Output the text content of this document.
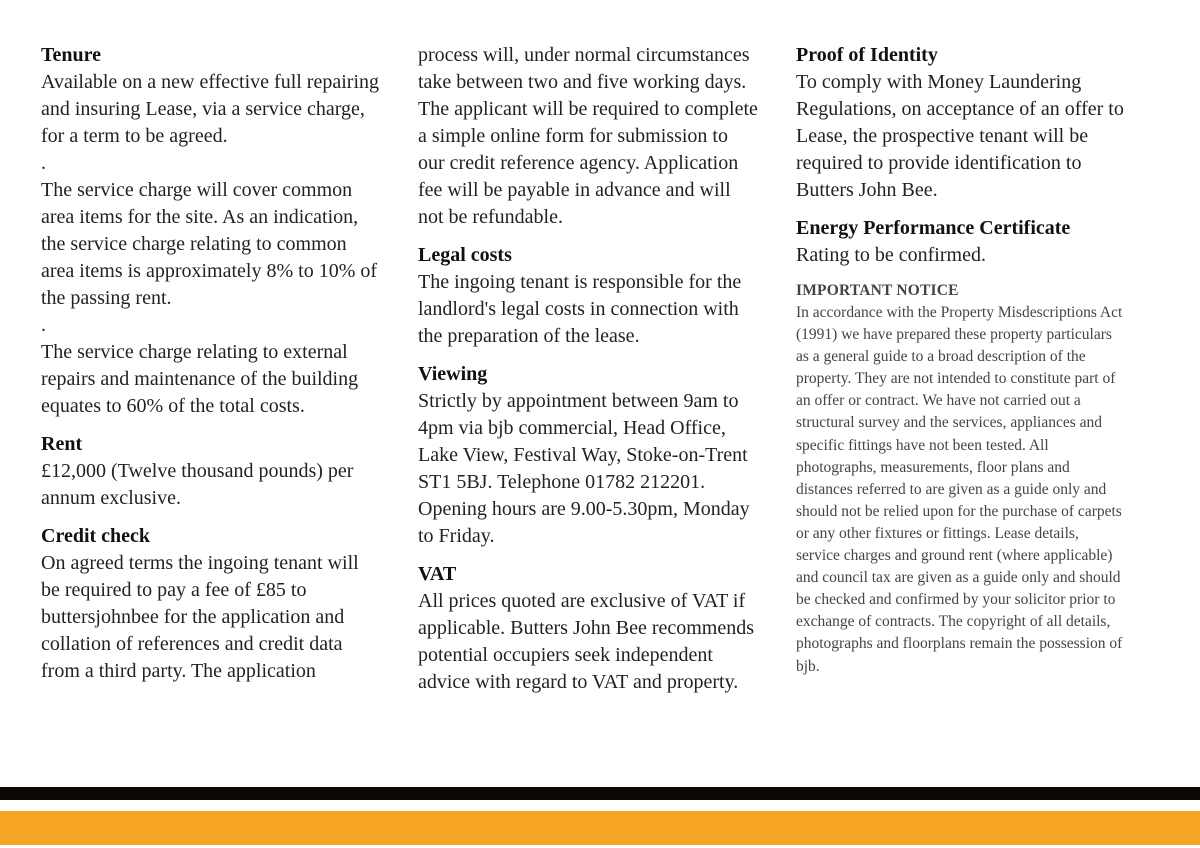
Tenure
Available on a new effective full repairing
and insuring Lease, via a service charge,
for a term to be agreed.
.
The service charge will cover common
area items for the site. As an indication,
the service charge relating to common
area items is approximately 8% to 10% of
the passing rent.
.
The service charge relating to external
repairs and maintenance of the building
equates to 60% of the total costs.
Rent
£12,000 (Twelve thousand pounds) per
annum exclusive.
Credit check
On agreed terms the ingoing tenant will
be required to pay a fee of £85 to
buttersjohnbee for the application and
collation of references and credit data
from a third party. The application
process will, under normal circumstances
take between two and five working days.
The applicant will be required to complete
a simple online form for submission to
our credit reference agency. Application
fee will be payable in advance and will
not be refundable.
Legal costs
The ingoing tenant is responsible for the
landlord's legal costs in connection with
the preparation of the lease.
Viewing
Strictly by appointment between 9am to
4pm via bjb commercial, Head Office,
Lake View, Festival Way, Stoke-on-Trent
ST1 5BJ. Telephone 01782 212201.
Opening hours are 9.00-5.30pm, Monday
to Friday.
VAT
All prices quoted are exclusive of VAT if
applicable. Butters John Bee recommends
potential occupiers seek independent
advice with regard to VAT and property.
Proof of Identity
To comply with Money Laundering
Regulations, on acceptance of an offer to
Lease, the prospective tenant will be
required to provide identification to
Butters John Bee.
Energy Performance Certificate
Rating to be confirmed.
IMPORTANT NOTICE
In accordance with the Property Misdescriptions Act
(1991) we have prepared these property particulars
as a general guide to a broad description of the
property. They are not intended to constitute part of
an offer or contract. We have not carried out a
structural survey and the services, appliances and
specific fittings have not been tested. All
photographs, measurements, floor plans and
distances referred to are given as a guide only and
should not be relied upon for the purchase of carpets
or any other fixtures or fittings. Lease details,
service charges and ground rent (where applicable)
and council tax are given as a guide only and should
be checked and confirmed by your solicitor prior to
exchange of contracts. The copyright of all details,
photographs and floorplans remain the possession of
bjb.
